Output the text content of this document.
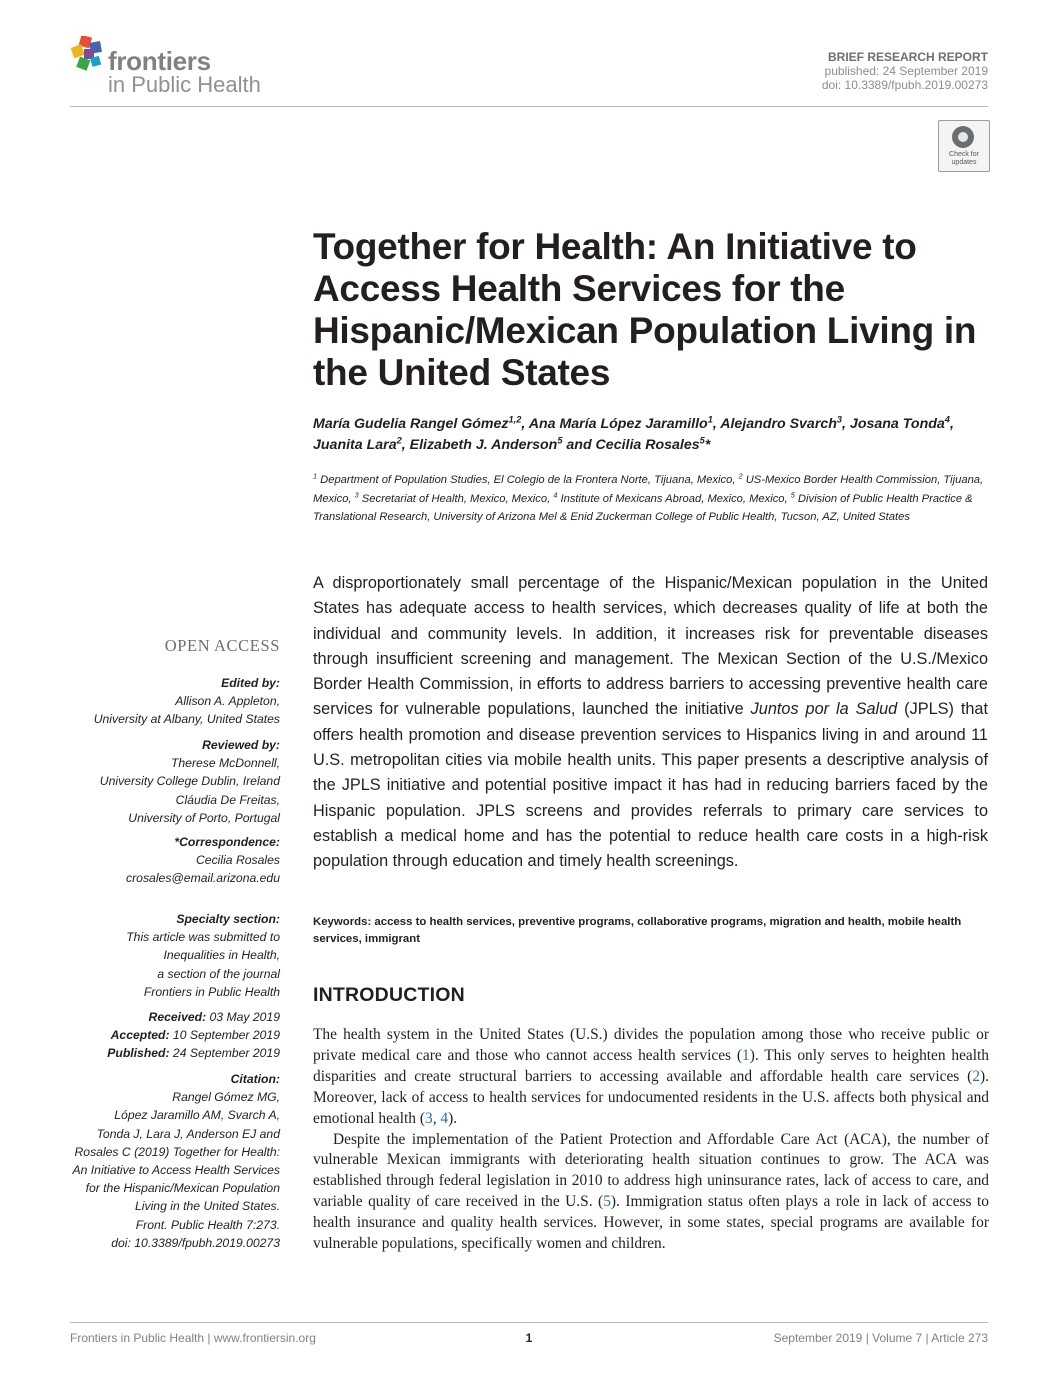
frontiers
in Public Health
BRIEF RESEARCH REPORT
published: 24 September 2019
doi: 10.3389/fpubh.2019.00273
Check for updates
Together for Health: An Initiative to Access Health Services for the Hispanic/Mexican Population Living in the United States

María Gudelia Rangel Gómez$^{1,2}$, Ana María López Jaramillo$^1$, Alejandro Svarch$^3$, Josana Tonda$^4$, Juanita Lara$^2$, Elizabeth J. Anderson$^5$ and Cecilia Rosales$^5$*

$^1$ Department of Population Studies, El Colegio de la Frontera Norte, Tijuana, Mexico, $^2$ US-Mexico Border Health Commission, Tijuana, Mexico, $^3$ Secretariat of Health, Mexico, Mexico, $^4$ Institute of Mexicans Abroad, Mexico, Mexico, $^5$ Division of Public Health Practice & Translational Research, University of Arizona Mel & Enid Zuckerman College of Public Health, Tucson, AZ, United States

A disproportionately small percentage of the Hispanic/Mexican population in the United States has adequate access to health services, which decreases quality of life at both the individual and community levels. In addition, it increases risk for preventable diseases through insufficient screening and management. The Mexican Section of the U.S./Mexico Border Health Commission, in efforts to address barriers to accessing preventive health care services for vulnerable populations, launched the initiative Juntos por la Salud (JPLS) that offers health promotion and disease prevention services to Hispanics living in and around 11 U.S. metropolitan cities via mobile health units. This paper presents a descriptive analysis of the JPLS initiative and potential positive impact it has had in reducing barriers faced by the Hispanic population. JPLS screens and provides referrals to primary care services to establish a medical home and has the potential to reduce health care costs in a high-risk population through education and timely health screenings.

Keywords: access to health services, preventive programs, collaborative programs, migration and health, mobile health services, immigrant

INTRODUCTION

The health system in the United States (U.S.) divides the population among those who receive public or private medical care and those who cannot access health services (1). This only serves to heighten health disparities and create structural barriers to accessing available and affordable health care services (2). Moreover, lack of access to health services for undocumented residents in the U.S. affects both physical and emotional health (3, 4).

Despite the implementation of the Patient Protection and Affordable Care Act (ACA), the number of vulnerable Mexican immigrants with deteriorating health situation continues to grow. The ACA was established through federal legislation in 2010 to address high uninsurance rates, lack of access to care, and variable quality of care received in the U.S. (5). Immigration status often plays a role in lack of access to health insurance and quality health services. However, in some states, special programs are available for vulnerable populations, specifically women and children.

OPEN ACCESS

Edited by:
Allison A. Appleton,
University at Albany, United States
Reviewed by:
Therese McDonnell,
University College Dublin, Ireland
Cláudia De Freitas,
University of Porto, Portugal
*Correspondence:
Cecilia Rosales
crosales@email.arizona.edu
Specialty section:
This article was submitted to
Inequalities in Health,
a section of the journal
Frontiers in Public Health
Received: 03 May 2019
Accepted: 10 September 2019
Published: 24 September 2019
Citation:
Rangel Gómez MG,
López Jaramillo AM, Svarch A,
Tonda J, Lara J, Anderson EJ and
Rosales C (2019) Together for Health:
An Initiative to Access Health Services
for the Hispanic/Mexican Population
Living in the United States.
Front. Public Health 7:273.
doi: 10.3389/fpubh.2019.00273
Frontiers in Public Health | www.frontiersin.org	1	September 2019 | Volume 7 | Article 273
